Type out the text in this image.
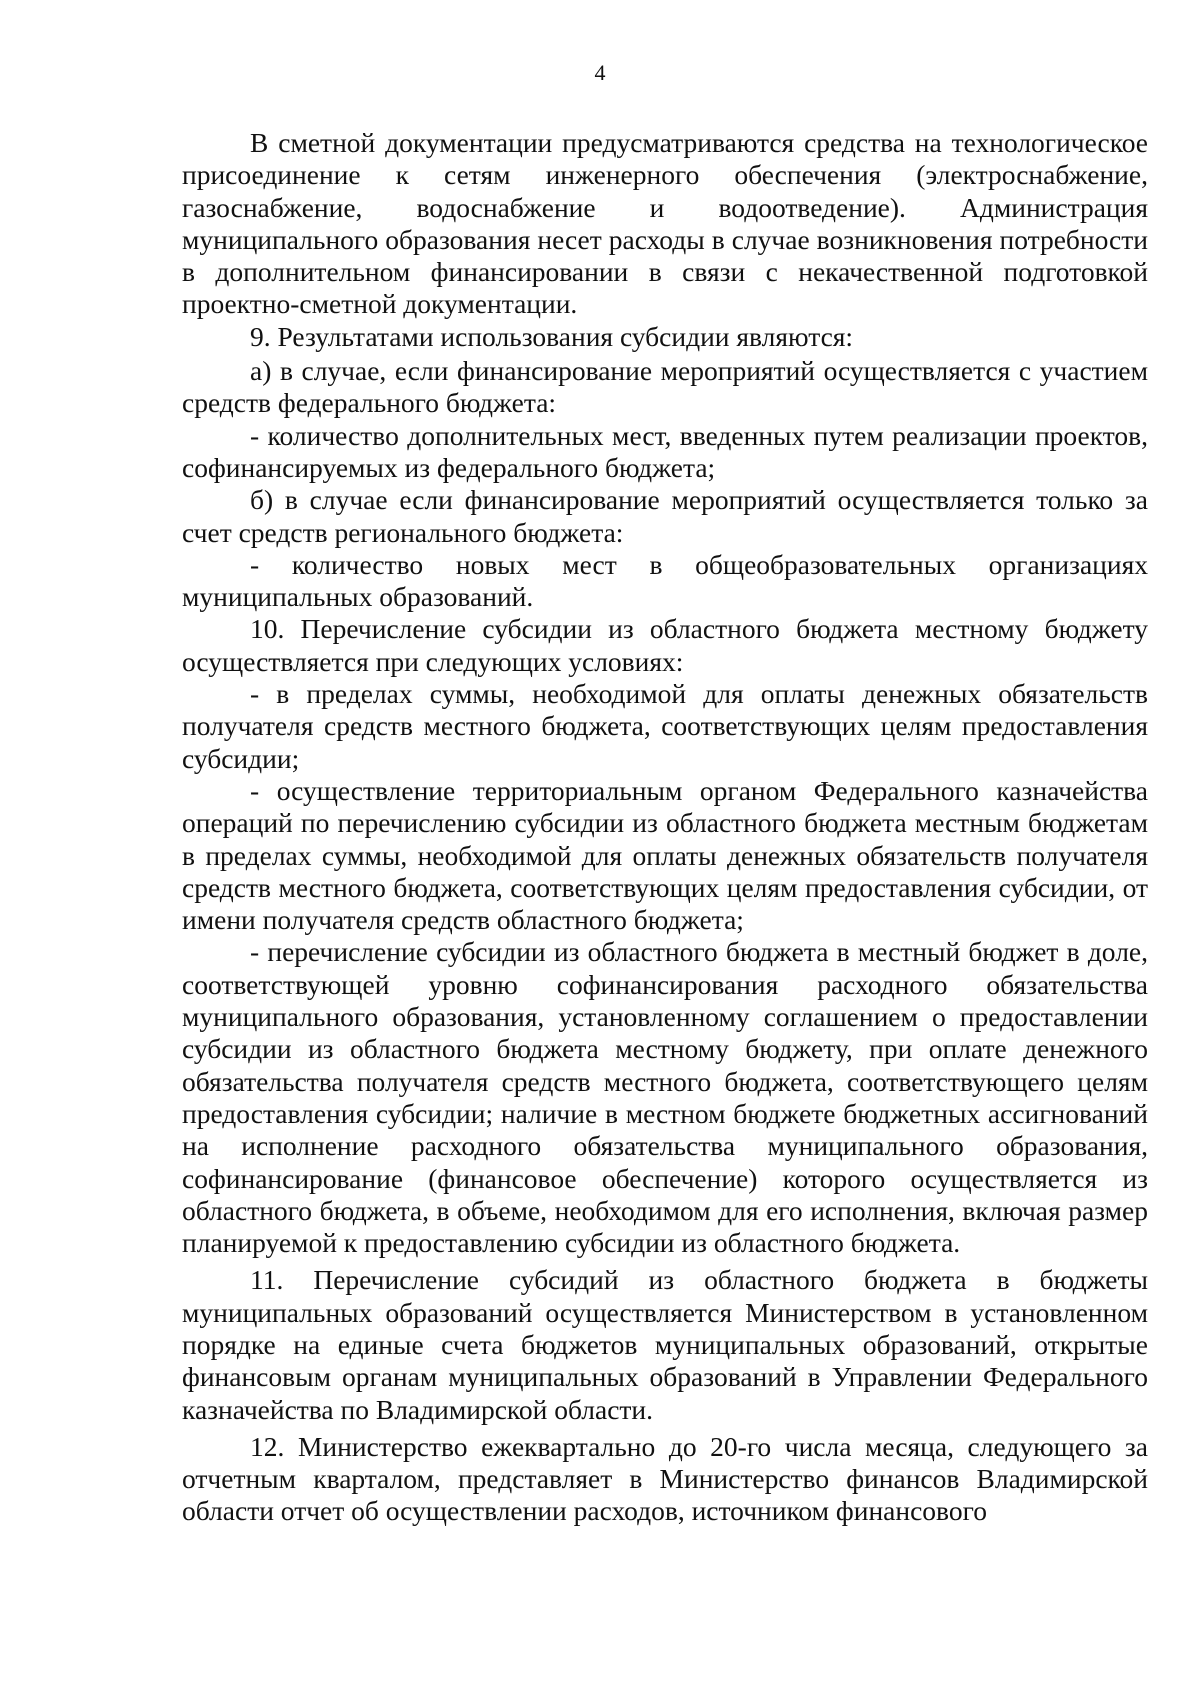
4

В сметной документации предусматриваются средства на технологическое присоединение к сетям инженерного обеспечения (электроснабжение, газоснабжение, водоснабжение и водоотведение). Администрация муниципального образования несет расходы в случае возникновения потребности в дополнительном финансировании в связи с некачественной подготовкой проектно-сметной документации.

9. Результатами использования субсидии являются:

а) в случае, если финансирование мероприятий осуществляется с участием средств федерального бюджета:

- количество дополнительных мест, введенных путем реализации проектов, софинансируемых из федерального бюджета;

б) в случае если финансирование мероприятий осуществляется только за счет средств регионального бюджета:

- количество новых мест в общеобразовательных организациях муниципальных образований.

10. Перечисление субсидии из областного бюджета местному бюджету осуществляется при следующих условиях:

- в пределах суммы, необходимой для оплаты денежных обязательств получателя средств местного бюджета, соответствующих целям предоставления субсидии;

- осуществление территориальным органом Федерального казначейства операций по перечислению субсидии из областного бюджета местным бюджетам в пределах суммы, необходимой для оплаты денежных обязательств получателя средств местного бюджета, соответствующих целям предоставления субсидии, от имени получателя средств областного бюджета;

- перечисление субсидии из областного бюджета в местный бюджет в доле, соответствующей уровню софинансирования расходного обязательства муниципального образования, установленному соглашением о предоставлении субсидии из областного бюджета местному бюджету, при оплате денежного обязательства получателя средств местного бюджета, соответствующего целям предоставления субсидии; наличие в местном бюджете бюджетных ассигнований на исполнение расходного обязательства муниципального образования, софинансирование (финансовое обеспечение) которого осуществляется из областного бюджета, в объеме, необходимом для его исполнения, включая размер планируемой к предоставлению субсидии из областного бюджета.

11. Перечисление субсидий из областного бюджета в бюджеты муниципальных образований осуществляется Министерством в установленном порядке на единые счета бюджетов муниципальных образований, открытые финансовым органам муниципальных образований в Управлении Федерального казначейства по Владимирской области.

12. Министерство ежеквартально до 20-го числа месяца, следующего за отчетным кварталом, представляет в Министерство финансов Владимирской области отчет об осуществлении расходов, источником финансового
